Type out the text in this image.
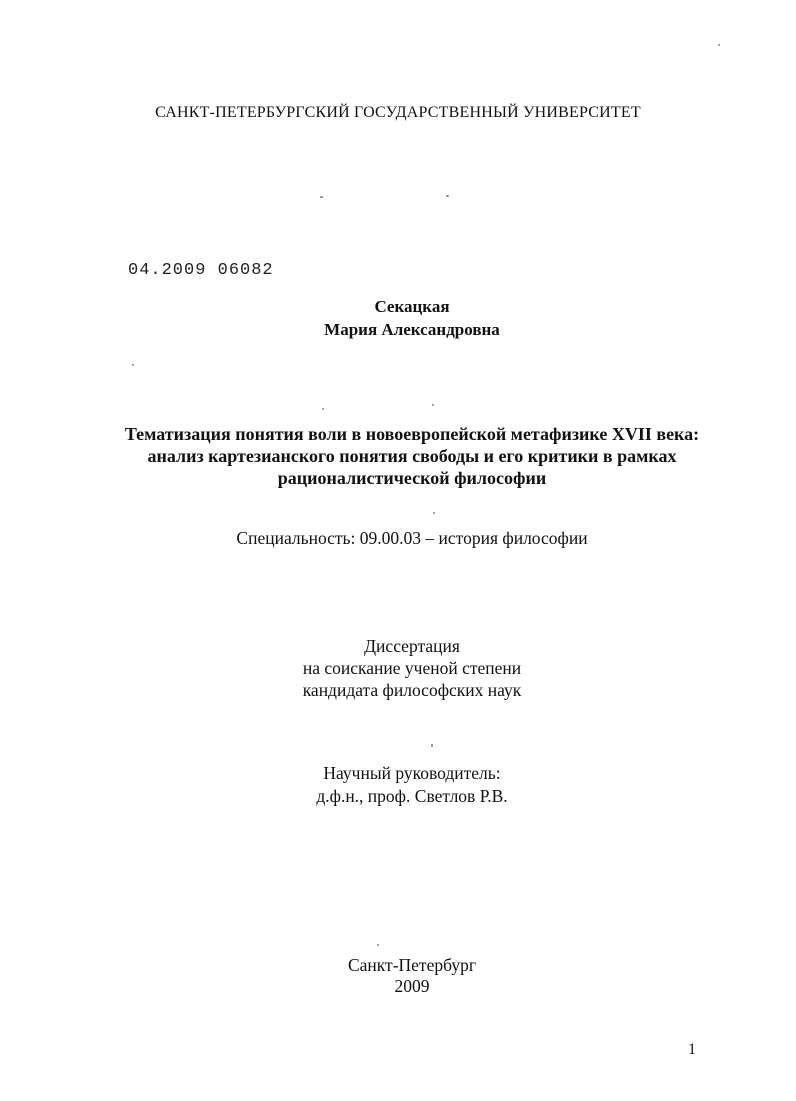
САНКТ-ПЕТЕРБУРГСКИЙ ГОСУДАРСТВЕННЫЙ УНИВЕРСИТЕТ
04.2009 06082
Секацкая
Мария Александровна
Тематизация понятия воли в новоевропейской метафизике XVII века:
анализ картезианского понятия свободы и его критики в рамках
рационалистической философии
Специальность: 09.00.03 – история философии
Диссертация
на соискание ученой степени
кандидата философских наук
Научный руководитель:
д.ф.н., проф. Светлов Р.В.
Санкт-Петербург
2009
1
